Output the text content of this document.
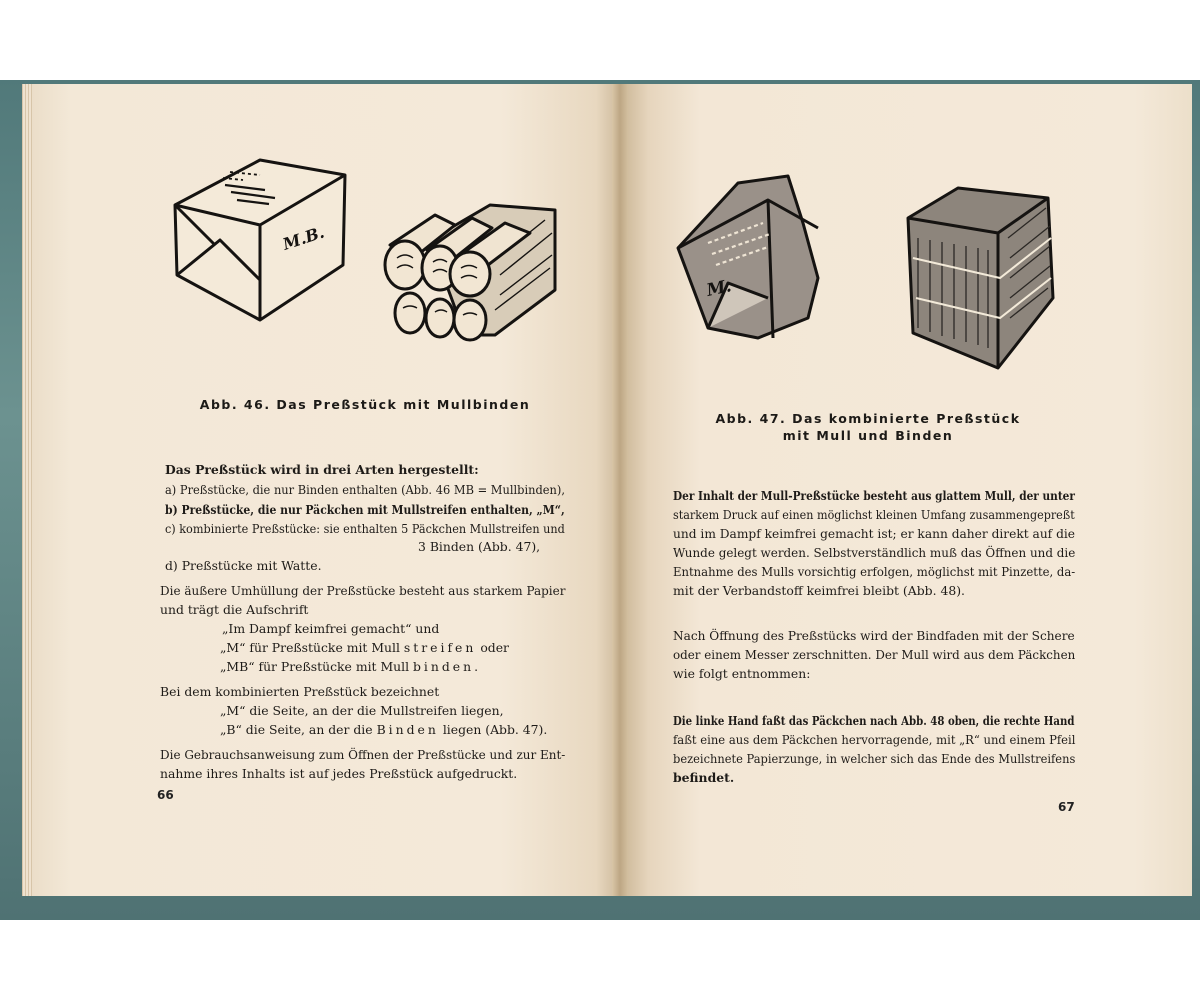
M.B.
Abb. 46. Das Preßstück mit Mullbinden
Das Preßstück wird in drei Arten hergestellt:
a) Preßstücke, die nur Binden enthalten (Abb. 46 MB = Mullbinden),
b) Preßstücke, die nur Päckchen mit Mullstreifen enthalten, „M“,
c) kombinierte Preßstücke: sie enthalten 5 Päckchen Mullstreifen und
3 Binden (Abb. 47),
d) Preßstücke mit Watte.
Die äußere Umhüllung der Preßstücke besteht aus starkem Papier
und trägt die Aufschrift
„Im Dampf keimfrei gemacht“ und
„M“ für Preßstücke mit Mull streifen oder
„MB“ für Preßstücke mit Mull binden.
Bei dem kombinierten Preßstück bezeichnet
„M“ die Seite, an der die Mullstreifen liegen,
„B“ die Seite, an der die Binden liegen (Abb. 47).
Die Gebrauchsanweisung zum Öffnen der Preßstücke und zur Ent-
nahme ihres Inhalts ist auf jedes Preßstück aufgedruckt.
66
M.
Abb. 47. Das kombinierte Preßstück
mit Mull und Binden
Der Inhalt der Mull-Preßstücke besteht aus glattem Mull, der unter
starkem Druck auf einen möglichst kleinen Umfang zusammengepreßt
und im Dampf keimfrei gemacht ist; er kann daher direkt auf die
Wunde gelegt werden. Selbstverständlich muß das Öffnen und die
Entnahme des Mulls vorsichtig erfolgen, möglichst mit Pinzette, da-
mit der Verbandstoff keimfrei bleibt (Abb. 48).
Nach Öffnung des Preßstücks wird der Bindfaden mit der Schere
oder einem Messer zerschnitten. Der Mull wird aus dem Päckchen
wie folgt entnommen:
Die linke Hand faßt das Päckchen nach Abb. 48 oben, die rechte Hand
faßt eine aus dem Päckchen hervorragende, mit „R“ und einem Pfeil
bezeichnete Papierzunge, in welcher sich das Ende des Mullstreifens
befindet.
67
